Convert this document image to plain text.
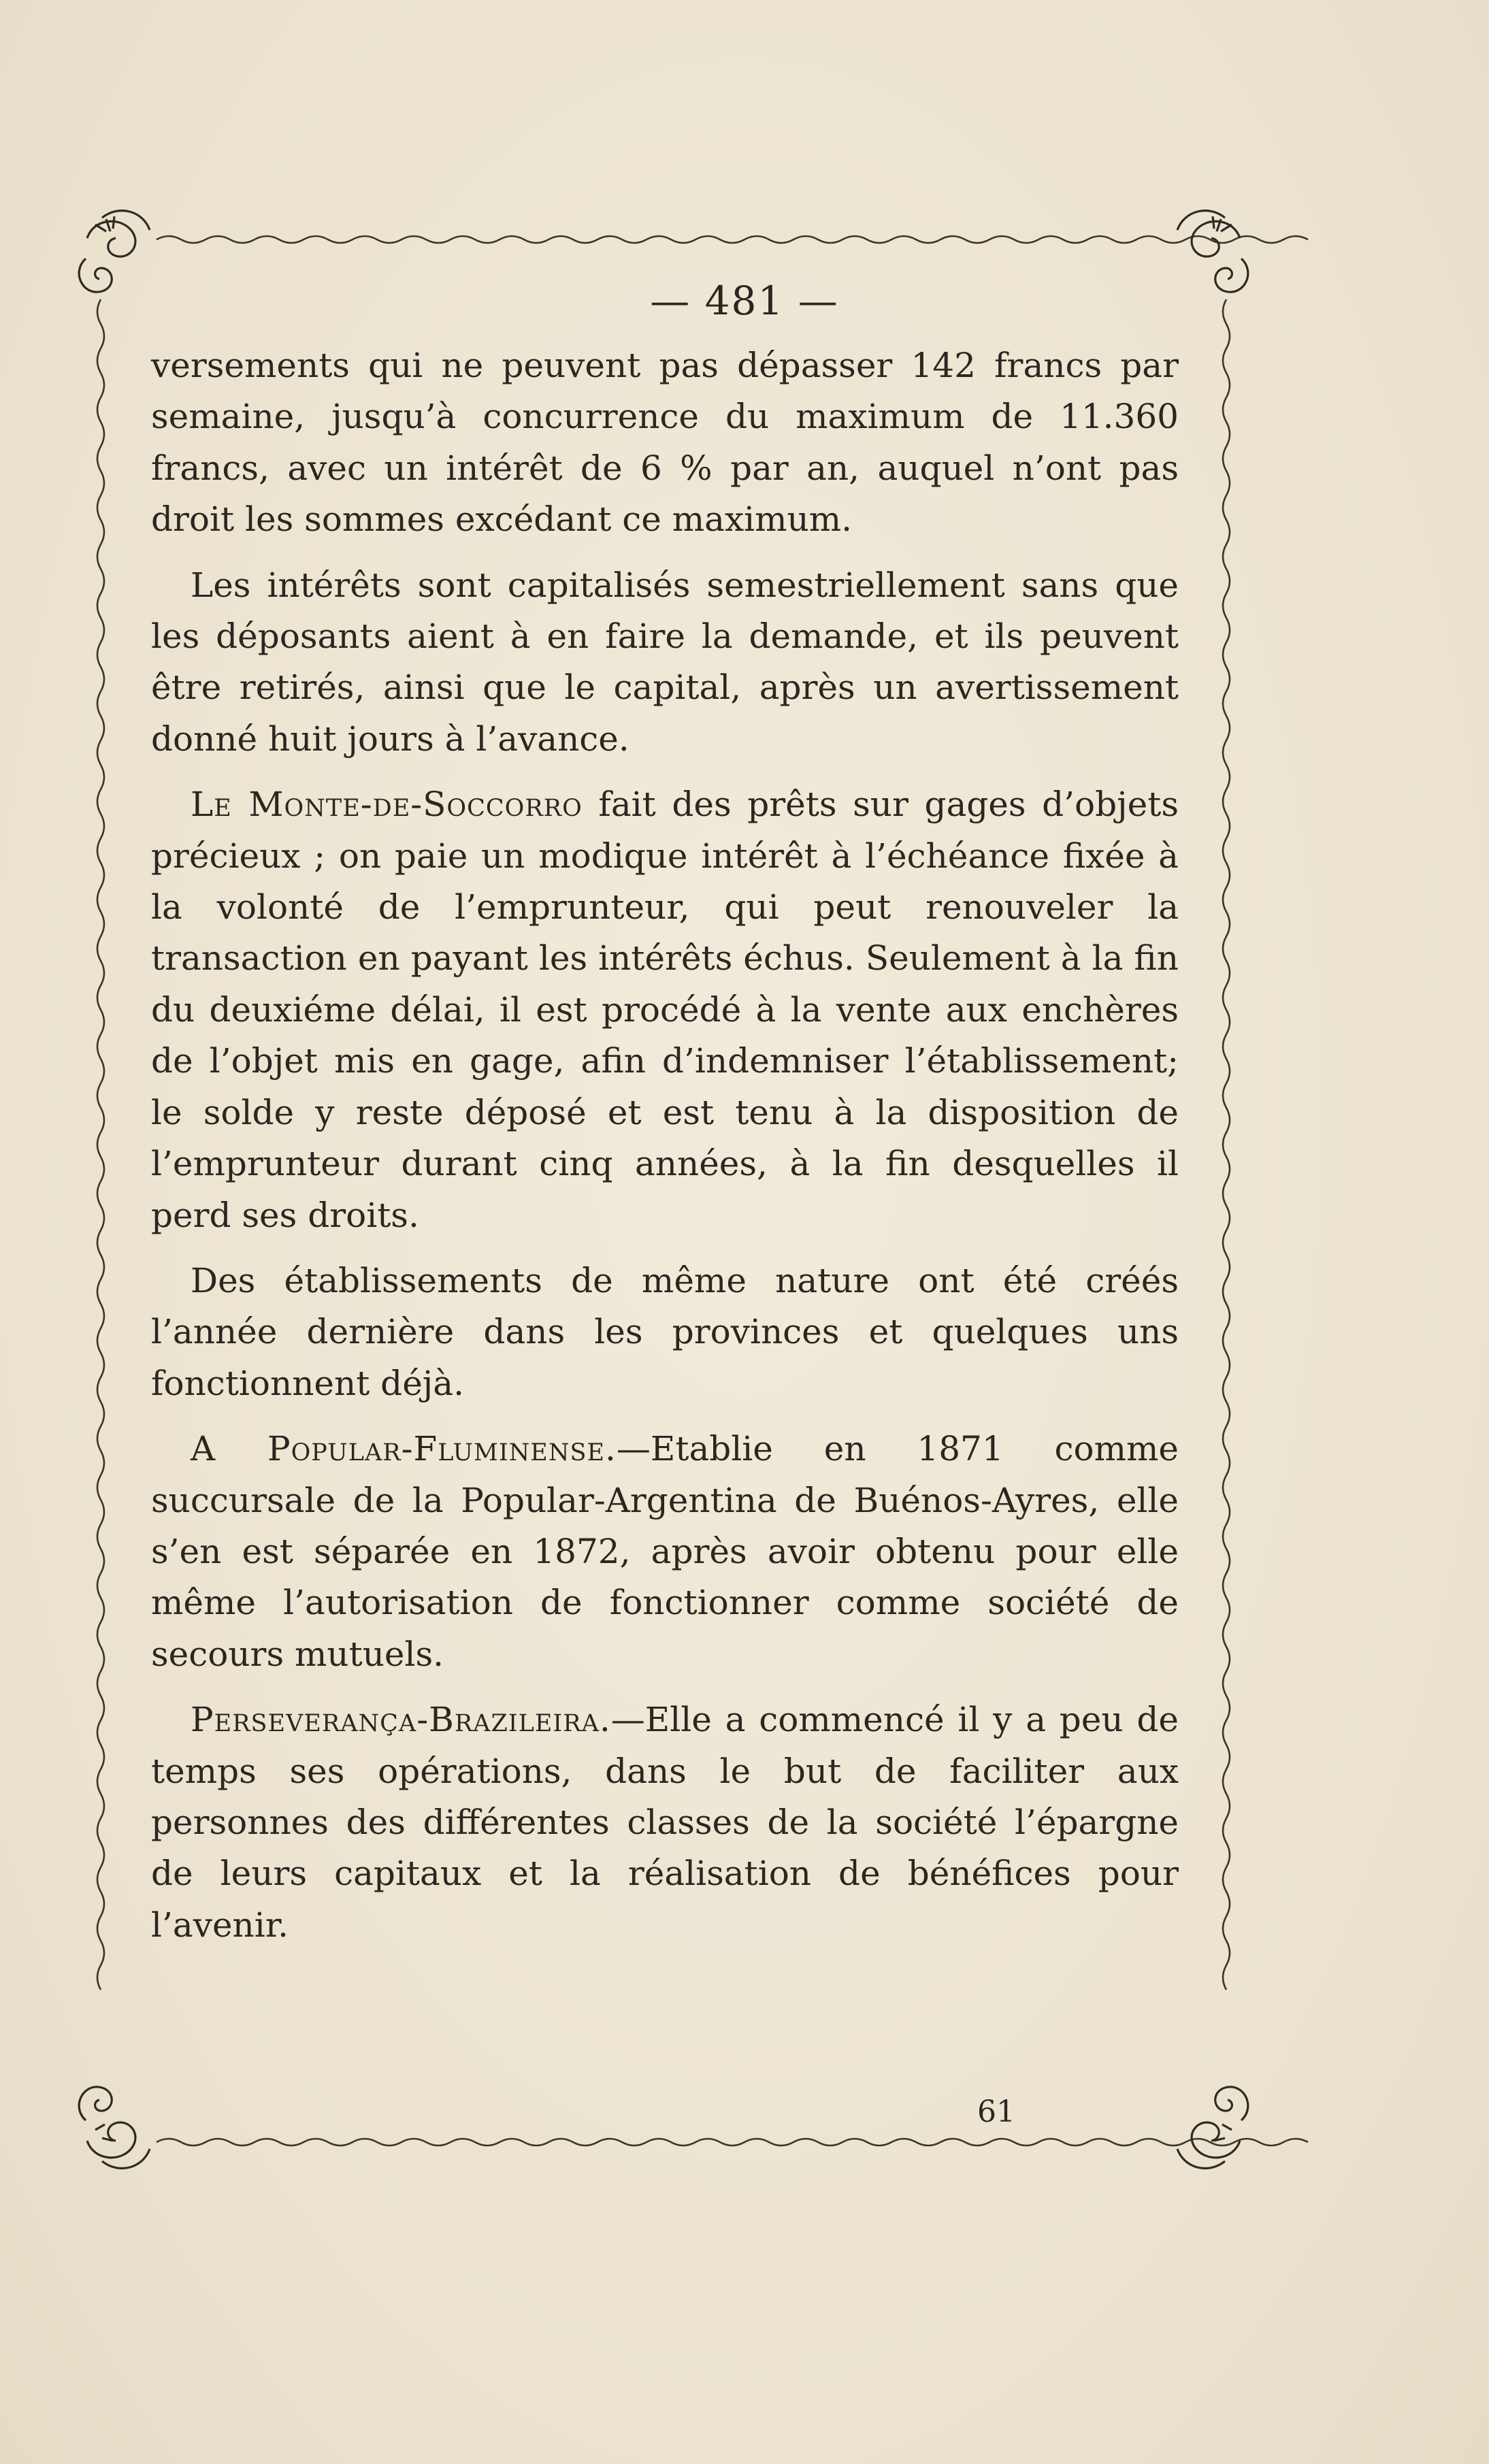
— 481 —

versements qui ne peuvent pas dépasser 142 francs par semaine, jusqu’à concurrence du maximum de 11.360 francs, avec un intérêt de 6 % par an, auquel n’ont pas droit les sommes excédant ce maximum.

Les intérêts sont capitalisés semestriellement sans que les déposants aient à en faire la demande, et ils peuvent être retirés, ainsi que le capital, après un avertissement donné huit jours à l’avance.

Le Monte-de-Soccorro fait des prêts sur gages d’objets précieux ; on paie un modique intérêt à l’échéance fixée à la volonté de l’emprunteur, qui peut renouveler la transaction en payant les intérêts échus. Seulement à la fin du deuxiéme délai, il est procédé à la vente aux enchères de l’objet mis en gage, afin d’indemniser l’établissement; le solde y reste déposé et est tenu à la disposition de l’emprunteur durant cinq années, à la fin desquelles il perd ses droits.

Des établissements de même nature ont été créés l’année dernière dans les provinces et quelques uns fonctionnent déjà.

A Popular-Fluminense.—Etablie en 1871 comme succursale de la Popular-Argentina de Buénos-Ayres, elle s’en est séparée en 1872, après avoir obtenu pour elle même l’autorisation de fonctionner comme société de secours mutuels.

Perseverança-Brazileira.—Elle a commencé il y a peu de temps ses opérations, dans le but de faciliter aux personnes des différentes classes de la société l’épargne de leurs capitaux et la réalisation de bénéfices pour l’avenir.

61
